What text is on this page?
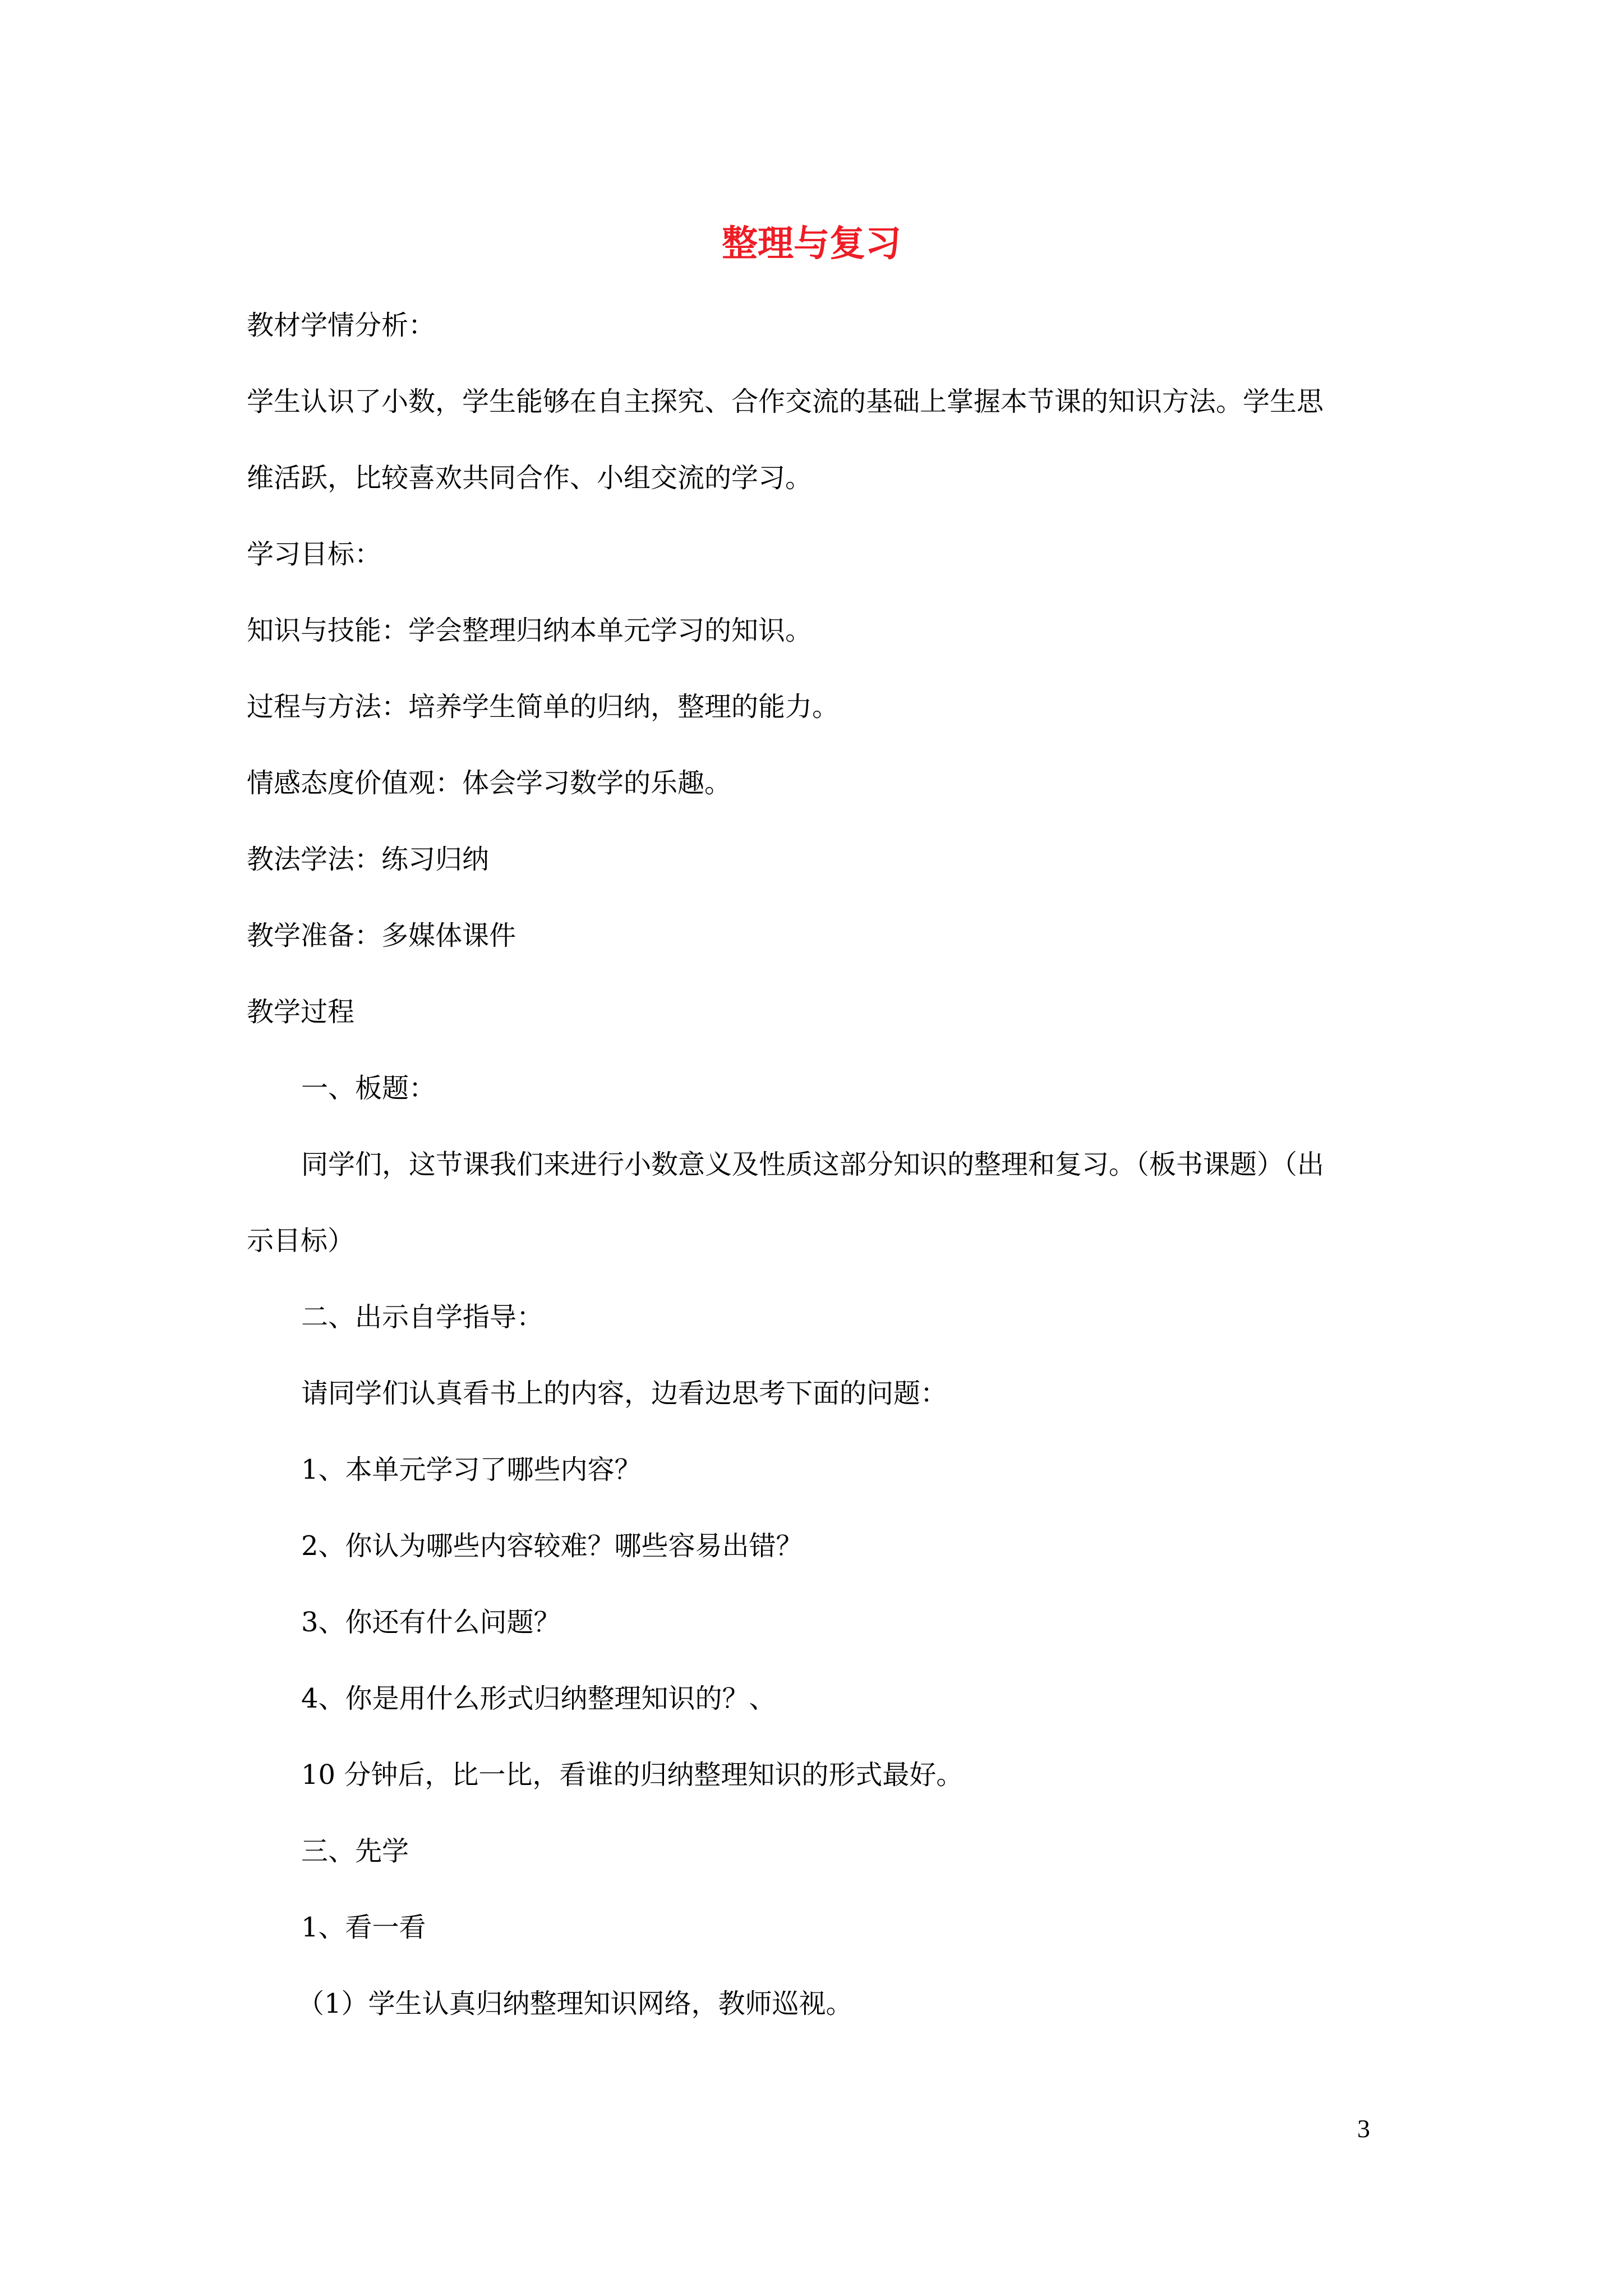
整理与复习
教材学情分析：
学生认识了小数，学生能够在自主探究、合作交流的基础上掌握本节课的知识方法。学生思
维活跃，比较喜欢共同合作、小组交流的学习。
学习目标：
知识与技能：学会整理归纳本单元学习的知识。
过程与方法：培养学生简单的归纳，整理的能力。
情感态度价值观：体会学习数学的乐趣。
教法学法：练习归纳
教学准备：多媒体课件
教学过程
一、板题：
同学们，这节课我们来进行小数意义及性质这部分知识的整理和复习。（板书课题）（出
示目标）
二、出示自学指导：
请同学们认真看书上的内容，边看边思考下面的问题：
1、本单元学习了哪些内容？
2、你认为哪些内容较难？哪些容易出错？
3、你还有什么问题？
4、你是用什么形式归纳整理知识的？、
10 分钟后，比一比，看谁的归纳整理知识的形式最好。
三、先学
1、看一看
（1）学生认真归纳整理知识网络，教师巡视。
3
